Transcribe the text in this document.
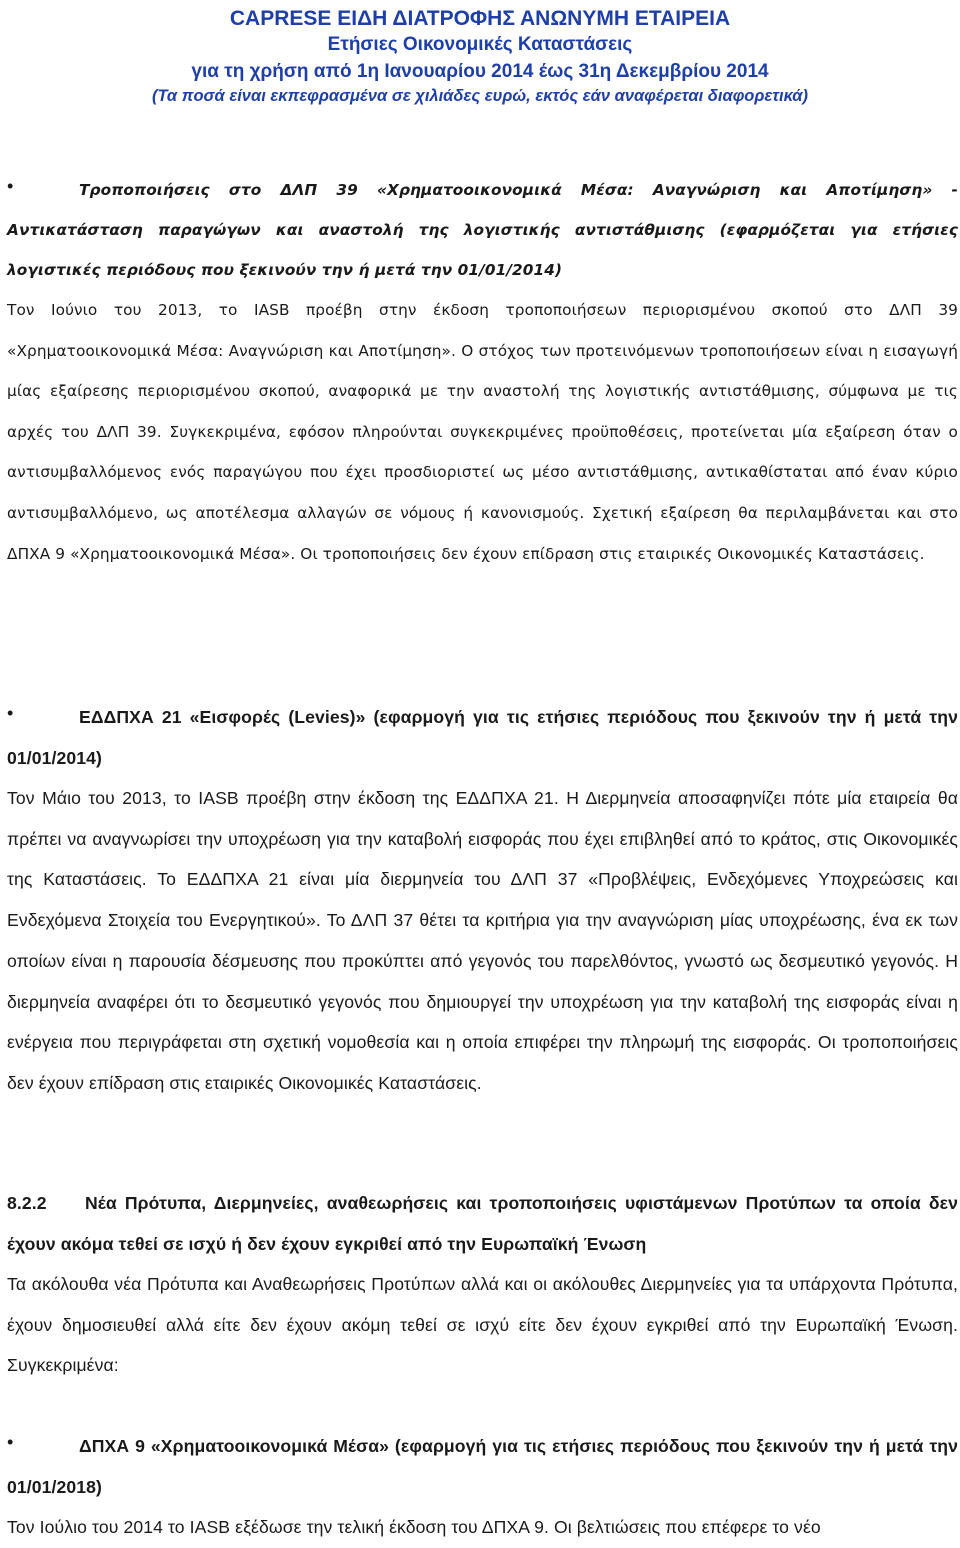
CAPRESE ΕΙΔΗ ΔΙΑΤΡΟΦΗΣ ΑΝΩΝΥΜΗ ΕΤΑΙΡΕΙΑ
Ετήσιες Οικονομικές Καταστάσεις
για τη χρήση από 1η Ιανουαρίου 2014 έως 31η Δεκεμβρίου 2014
(Τα ποσά είναι εκπεφρασμένα σε χιλιάδες ευρώ, εκτός εάν αναφέρεται διαφορετικά)
•	Τροποποιήσεις στο ΔΛΠ 39 «Χρηματοοικονομικά Μέσα: Αναγνώριση και Αποτίμηση» - Αντικατάσταση παραγώγων και αναστολή της λογιστικής αντιστάθμισης (εφαρμόζεται για ετήσιες λογιστικές περιόδους που ξεκινούν την ή μετά την 01/01/2014)
Τον Ιούνιο του 2013, το IASB προέβη στην έκδοση τροποποιήσεων περιορισμένου σκοπού στο ΔΛΠ 39 «Χρηματοοικονομικά Μέσα: Αναγνώριση και Αποτίμηση». Ο στόχος των προτεινόμενων τροποποιήσεων είναι η εισαγωγή μίας εξαίρεσης περιορισμένου σκοπού, αναφορικά με την αναστολή της λογιστικής αντιστάθμισης, σύμφωνα με τις αρχές του ΔΛΠ 39. Συγκεκριμένα, εφόσον πληρούνται συγκεκριμένες προϋποθέσεις, προτείνεται μία εξαίρεση όταν ο αντισυμβαλλόμενος ενός παραγώγου που έχει προσδιοριστεί ως μέσο αντιστάθμισης, αντικαθίσταται από έναν κύριο αντισυμβαλλόμενο, ως αποτέλεσμα αλλαγών σε νόμους ή κανονισμούς. Σχετική εξαίρεση θα περιλαμβάνεται και στο ΔΠΧΑ 9 «Χρηματοοικονομικά Μέσα». Οι τροποποιήσεις δεν έχουν επίδραση στις εταιρικές Οικονομικές Καταστάσεις.
•	ΕΔΔΠΧΑ 21 «Εισφορές (Levies)» (εφαρμογή για τις ετήσιες περιόδους που ξεκινούν την ή μετά την 01/01/2014)
Τον Μάιο του 2013, το IASB προέβη στην έκδοση της ΕΔΔΠΧΑ 21. Η Διερμηνεία αποσαφηνίζει πότε μία εταιρεία θα πρέπει να αναγνωρίσει την υποχρέωση για την καταβολή εισφοράς που έχει επιβληθεί από το κράτος, στις Οικονομικές της Καταστάσεις. Το ΕΔΔΠΧΑ 21 είναι μία διερμηνεία του ΔΛΠ 37 «Προβλέψεις, Ενδεχόμενες Υποχρεώσεις και Ενδεχόμενα Στοιχεία του Ενεργητικού». Το ΔΛΠ 37 θέτει τα κριτήρια για την αναγνώριση μίας υποχρέωσης, ένα εκ των οποίων είναι η παρουσία δέσμευσης που προκύπτει από γεγονός του παρελθόντος, γνωστό ως δεσμευτικό γεγονός. Η διερμηνεία αναφέρει ότι το δεσμευτικό γεγονός που δημιουργεί την υποχρέωση για την καταβολή της εισφοράς είναι η ενέργεια που περιγράφεται στη σχετική νομοθεσία και η οποία επιφέρει την πληρωμή της εισφοράς. Οι τροποποιήσεις δεν έχουν επίδραση στις εταιρικές Οικονομικές Καταστάσεις.
8.2.2 Νέα Πρότυπα, Διερμηνείες, αναθεωρήσεις και τροποποιήσεις υφιστάμενων Προτύπων τα οποία δεν έχουν ακόμα τεθεί σε ισχύ ή δεν έχουν εγκριθεί από την Ευρωπαϊκή Ένωση
Τα ακόλουθα νέα Πρότυπα και Αναθεωρήσεις Προτύπων αλλά και οι ακόλουθες Διερμηνείες για τα υπάρχοντα Πρότυπα, έχουν δημοσιευθεί αλλά είτε δεν έχουν ακόμη τεθεί σε ισχύ είτε δεν έχουν εγκριθεί από την Ευρωπαϊκή Ένωση. Συγκεκριμένα:
•	ΔΠΧΑ 9 «Χρηματοοικονομικά Μέσα» (εφαρμογή για τις ετήσιες περιόδους που ξεκινούν την ή μετά την 01/01/2018)
Τον Ιούλιο του 2014 το IASB εξέδωσε την τελική έκδοση του ΔΠΧΑ 9. Οι βελτιώσεις που επέφερε το νέο
